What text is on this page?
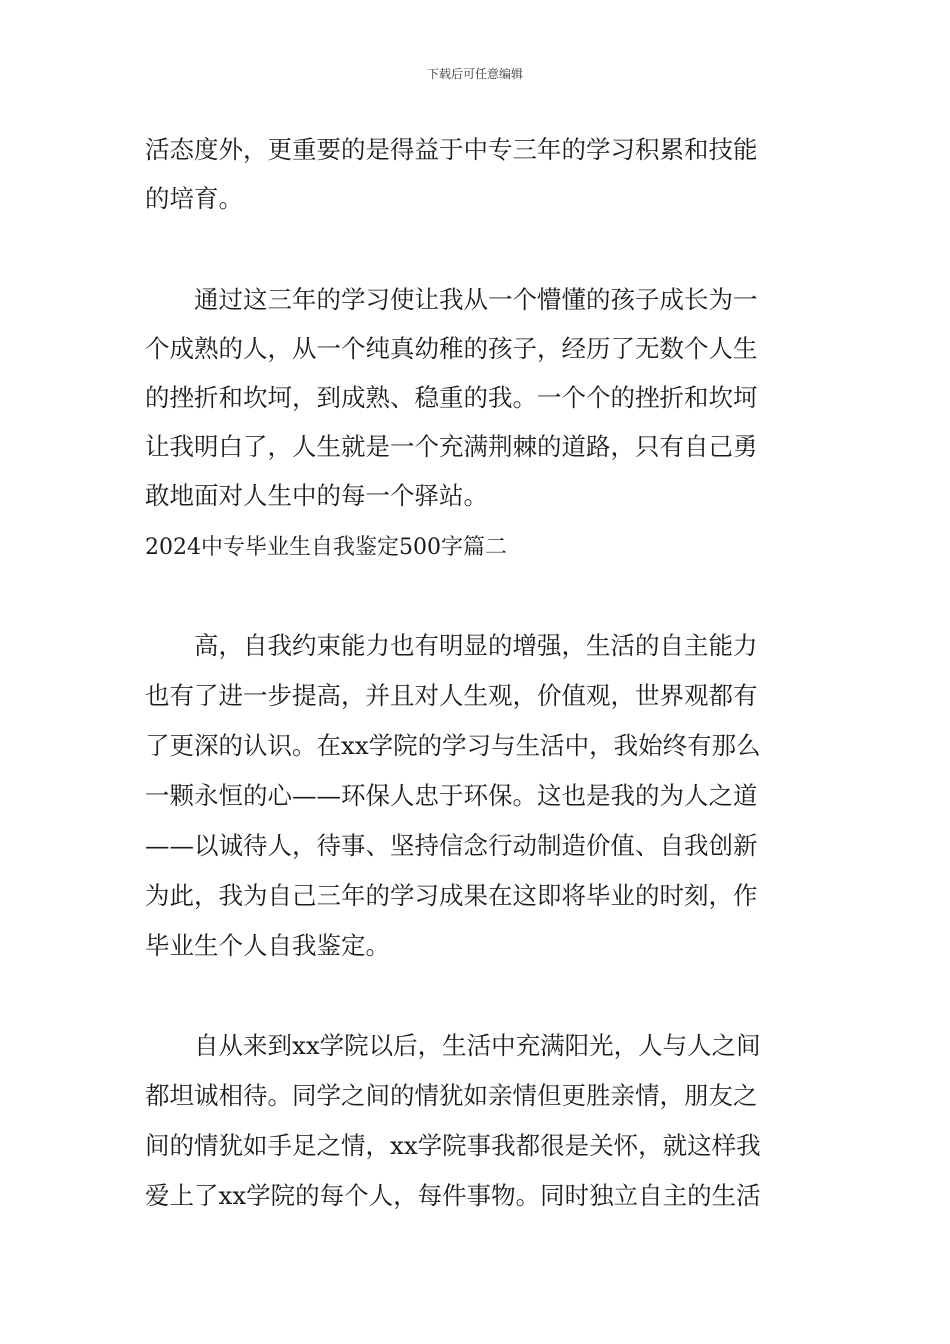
下载后可任意编辑
活态度外，更重要的是得益于中专三年的学习积累和技能
的培育。
通过这三年的学习使让我从一个懵懂的孩子成长为一
个成熟的人，从一个纯真幼稚的孩子，经历了无数个人生
的挫折和坎坷，到成熟、稳重的我。一个个的挫折和坎坷
让我明白了，人生就是一个充满荆棘的道路，只有自己勇
敢地面对人生中的每一个驿站。
2024中专毕业生自我鉴定500字篇二
高，自我约束能力也有明显的增强，生活的自主能力
也有了进一步提高，并且对人生观，价值观，世界观都有
了更深的认识。在xx学院的学习与生活中，我始终有那么
一颗永恒的心——环保人忠于环保。这也是我的为人之道
——以诚待人，待事、坚持信念行动制造价值、自我创新
为此，我为自己三年的学习成果在这即将毕业的时刻，作
毕业生个人自我鉴定。
自从来到xx学院以后，生活中充满阳光，人与人之间
都坦诚相待。同学之间的情犹如亲情但更胜亲情，朋友之
间的情犹如手足之情，xx学院事我都很是关怀，就这样我
爱上了xx学院的每个人，每件事物。同时独立自主的生活
